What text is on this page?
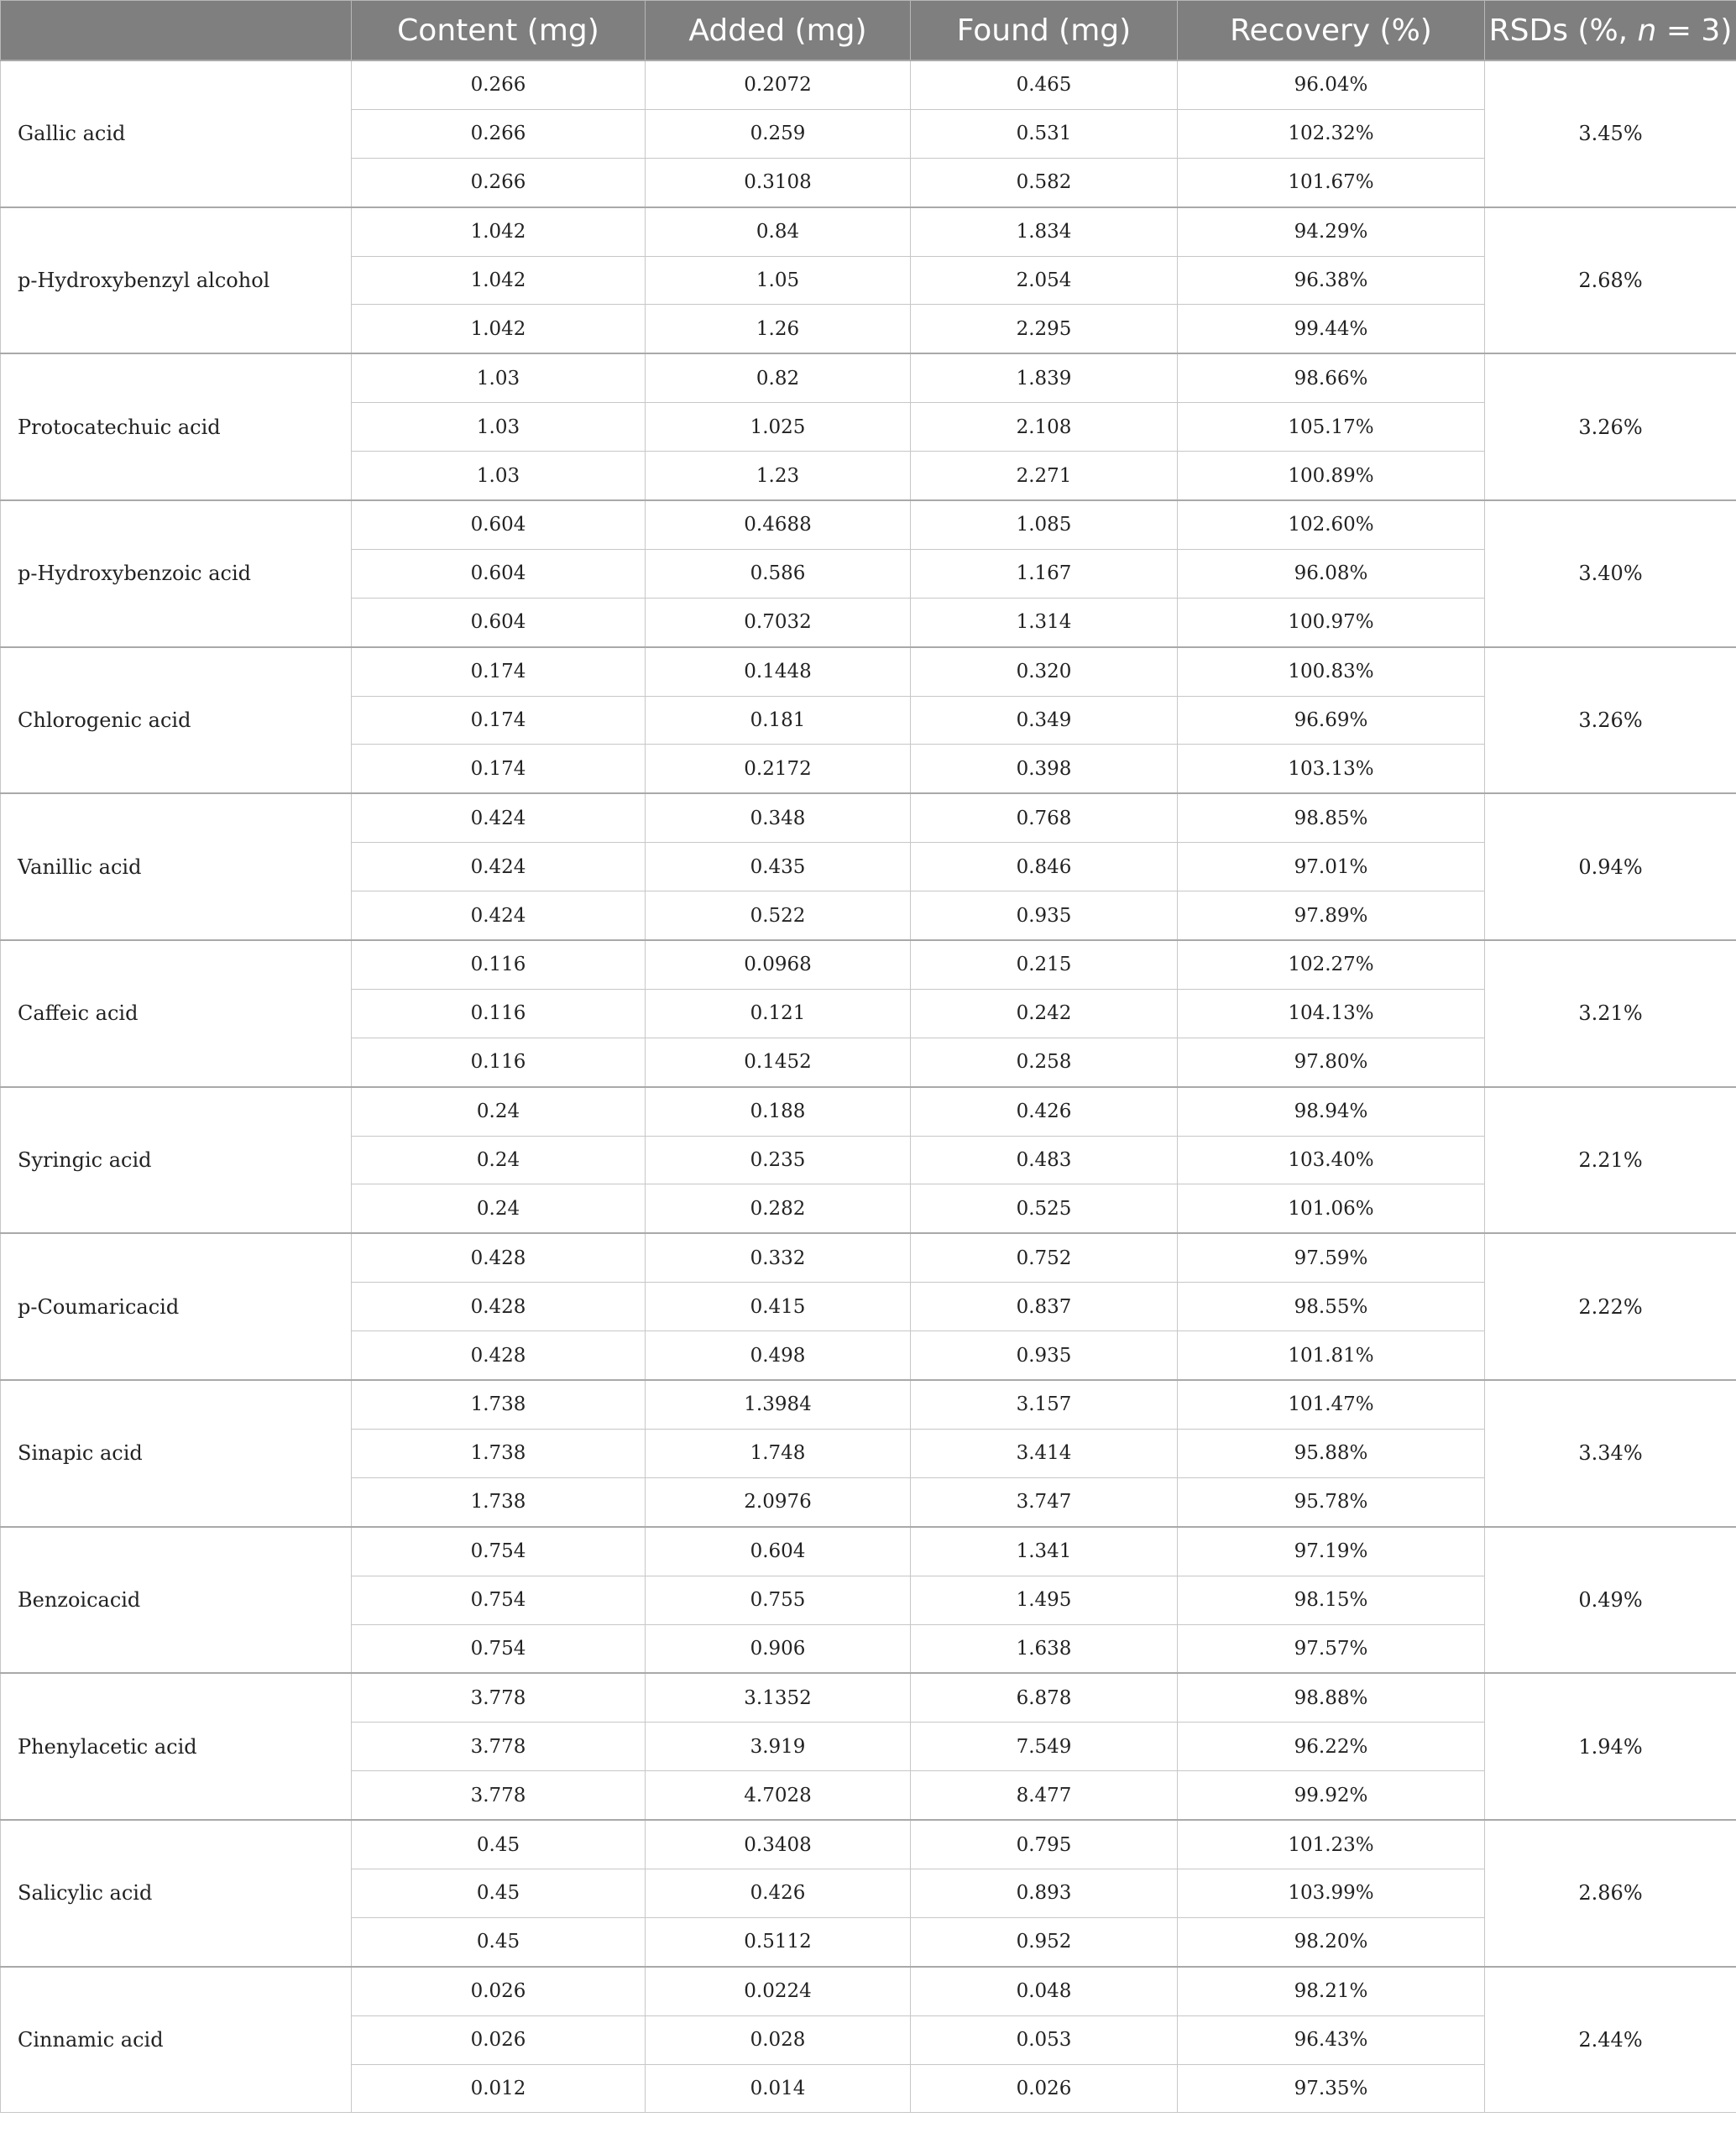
	Content (mg)	Added (mg)	Found (mg)	Recovery (%)	RSDs (%, n = 3)
Gallic acid	0.266	0.2072	0.465	96.04%	3.45%
	0.266	0.259	0.531	102.32%	
	0.266	0.3108	0.582	101.67%	
p-Hydroxybenzyl alcohol	1.042	0.84	1.834	94.29%	2.68%
	1.042	1.05	2.054	96.38%	
	1.042	1.26	2.295	99.44%	
Protocatechuic acid	1.03	0.82	1.839	98.66%	3.26%
	1.03	1.025	2.108	105.17%	
	1.03	1.23	2.271	100.89%	
p-Hydroxybenzoic acid	0.604	0.4688	1.085	102.60%	3.40%
	0.604	0.586	1.167	96.08%	
	0.604	0.7032	1.314	100.97%	
Chlorogenic acid	0.174	0.1448	0.320	100.83%	3.26%
	0.174	0.181	0.349	96.69%	
	0.174	0.2172	0.398	103.13%	
Vanillic acid	0.424	0.348	0.768	98.85%	0.94%
	0.424	0.435	0.846	97.01%	
	0.424	0.522	0.935	97.89%	
Caffeic acid	0.116	0.0968	0.215	102.27%	3.21%
	0.116	0.121	0.242	104.13%	
	0.116	0.1452	0.258	97.80%	
Syringic acid	0.24	0.188	0.426	98.94%	2.21%
	0.24	0.235	0.483	103.40%	
	0.24	0.282	0.525	101.06%	
p-Coumaricacid	0.428	0.332	0.752	97.59%	2.22%
	0.428	0.415	0.837	98.55%	
	0.428	0.498	0.935	101.81%	
Sinapic acid	1.738	1.3984	3.157	101.47%	3.34%
	1.738	1.748	3.414	95.88%	
	1.738	2.0976	3.747	95.78%	
Benzoicacid	0.754	0.604	1.341	97.19%	0.49%
	0.754	0.755	1.495	98.15%	
	0.754	0.906	1.638	97.57%	
Phenylacetic acid	3.778	3.1352	6.878	98.88%	1.94%
	3.778	3.919	7.549	96.22%	
	3.778	4.7028	8.477	99.92%	
Salicylic acid	0.45	0.3408	0.795	101.23%	2.86%
	0.45	0.426	0.893	103.99%	
	0.45	0.5112	0.952	98.20%	
Cinnamic acid	0.026	0.0224	0.048	98.21%	2.44%
	0.026	0.028	0.053	96.43%	
	0.012	0.014	0.026	97.35%	
